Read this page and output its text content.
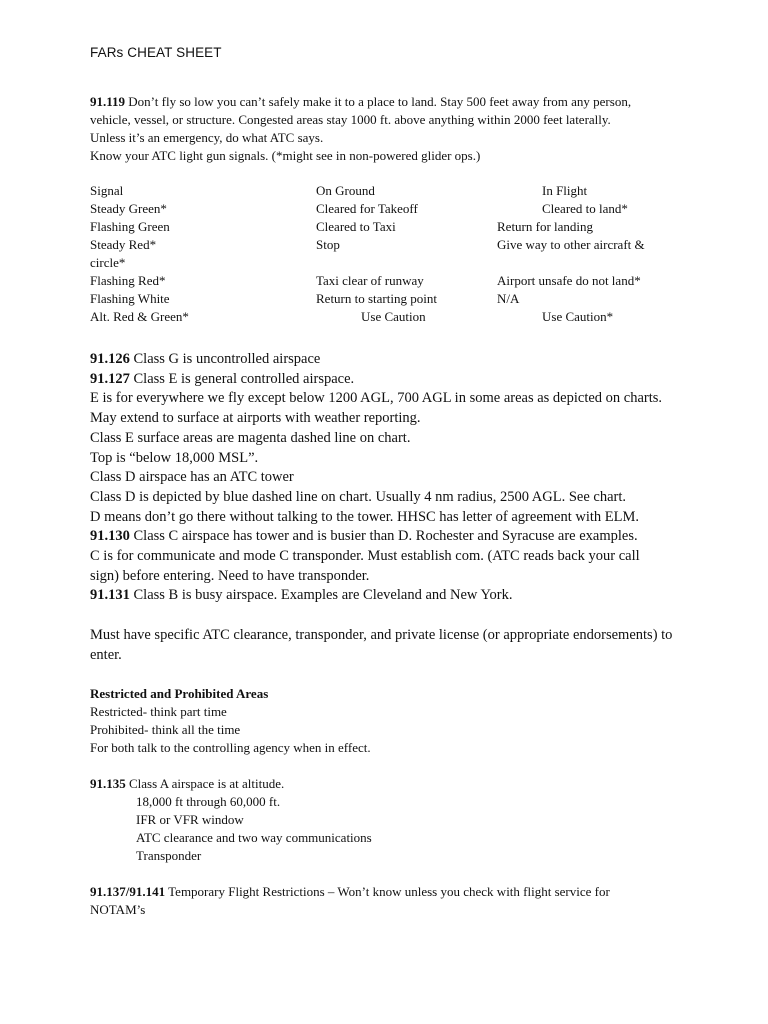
FARs CHEAT SHEET
91.119 Don’t fly so low you can’t safely make it to a place to land. Stay 500 feet away from any person,
vehicle, vessel, or structure. Congested areas stay 1000 ft. above anything within 2000 feet laterally.
Unless it’s an emergency, do what ATC says.
Know your ATC light gun signals. (*might see in non-powered glider ops.)
Signal	On Ground	In Flight
Steady Green*	Cleared for Takeoff	Cleared to land*
Flashing Green	Cleared to Taxi	Return for landing
Steady Red*	Stop	Give way to other aircraft &
circle*
Flashing Red*	Taxi clear of runway	Airport unsafe do not land*
Flashing White	Return to starting point	N/A
Alt. Red & Green*	Use Caution	Use Caution*
91.126 Class G is uncontrolled airspace
91.127 Class E is general controlled airspace.
E is for everywhere we fly except below 1200 AGL, 700 AGL in some areas as depicted on charts.
May extend to surface at airports with weather reporting.
Class E surface areas are magenta dashed line on chart.
Top is “below 18,000 MSL”.
Class D airspace has an ATC tower
Class D is depicted by blue dashed line on chart. Usually 4 nm radius, 2500 AGL. See chart.
D means don’t go there without talking to the tower. HHSC has letter of agreement with ELM.
91.130 Class C airspace has tower and is busier than D. Rochester and Syracuse are examples.
C is for communicate and mode C transponder. Must establish com. (ATC reads back your call
sign) before entering. Need to have transponder.
91.131 Class B is busy airspace. Examples are Cleveland and New York.
Must have specific ATC clearance, transponder, and private license (or appropriate endorsements) to
enter.
Restricted and Prohibited Areas
Restricted- think part time
Prohibited- think all the time
For both talk to the controlling agency when in effect.
91.135 Class A airspace is at altitude.
18,000 ft through 60,000 ft.
IFR or VFR window
ATC clearance and two way communications
Transponder
91.137/91.141 Temporary Flight Restrictions – Won’t know unless you check with flight service for
NOTAM’s
